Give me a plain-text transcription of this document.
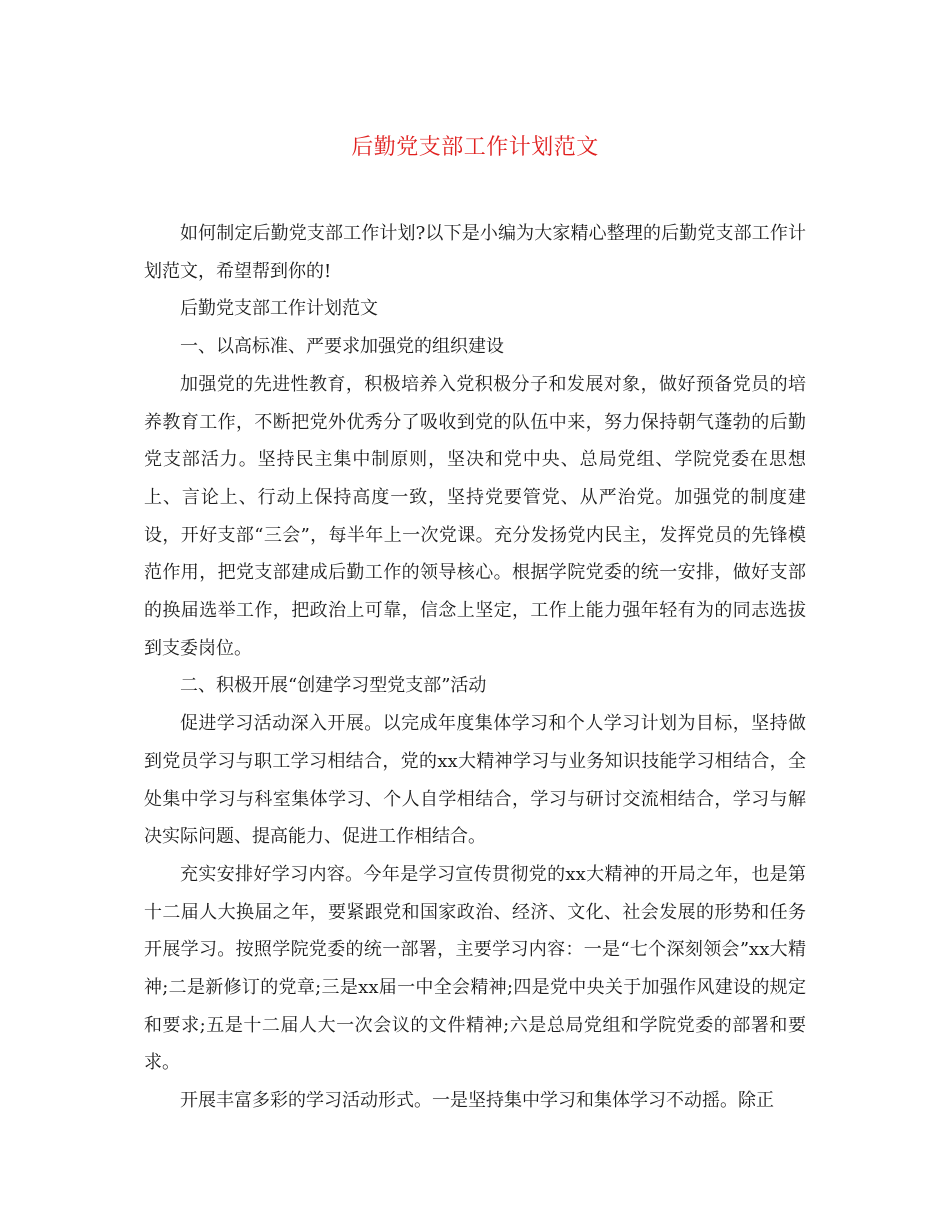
后勤党支部工作计划范文

如何制定后勤党支部工作计划?以下是小编为大家精心整理的后勤党支部工作计划范文，希望帮到你的!

后勤党支部工作计划范文

一、以高标准、严要求加强党的组织建设

加强党的先进性教育，积极培养入党积极分子和发展对象，做好预备党员的培养教育工作，不断把党外优秀分了吸收到党的队伍中来，努力保持朝气蓬勃的后勤党支部活力。坚持民主集中制原则，坚决和党中央、总局党组、学院党委在思想上、言论上、行动上保持高度一致，坚持党要管党、从严治党。加强党的制度建设，开好支部“三会”，每半年上一次党课。充分发扬党内民主，发挥党员的先锋模范作用，把党支部建成后勤工作的领导核心。根据学院党委的统一安排，做好支部的换届选举工作，把政治上可靠，信念上坚定，工作上能力强年轻有为的同志选拔到支委岗位。

二、积极开展“创建学习型党支部”活动

促进学习活动深入开展。以完成年度集体学习和个人学习计划为目标，坚持做到党员学习与职工学习相结合，党的xx大精神学习与业务知识技能学习相结合，全处集中学习与科室集体学习、个人自学相结合，学习与研讨交流相结合，学习与解决实际问题、提高能力、促进工作相结合。

充实安排好学习内容。今年是学习宣传贯彻党的xx大精神的开局之年，也是第十二届人大换届之年，要紧跟党和国家政治、经济、文化、社会发展的形势和任务开展学习。按照学院党委的统一部署，主要学习内容：一是“七个深刻领会”xx大精神;二是新修订的党章;三是xx届一中全会精神;四是党中央关于加强作风建设的规定和要求;五是十二届人大一次会议的文件精神;六是总局党组和学院党委的部署和要求。

开展丰富多彩的学习活动形式。一是坚持集中学习和集体学习不动摇。除正
